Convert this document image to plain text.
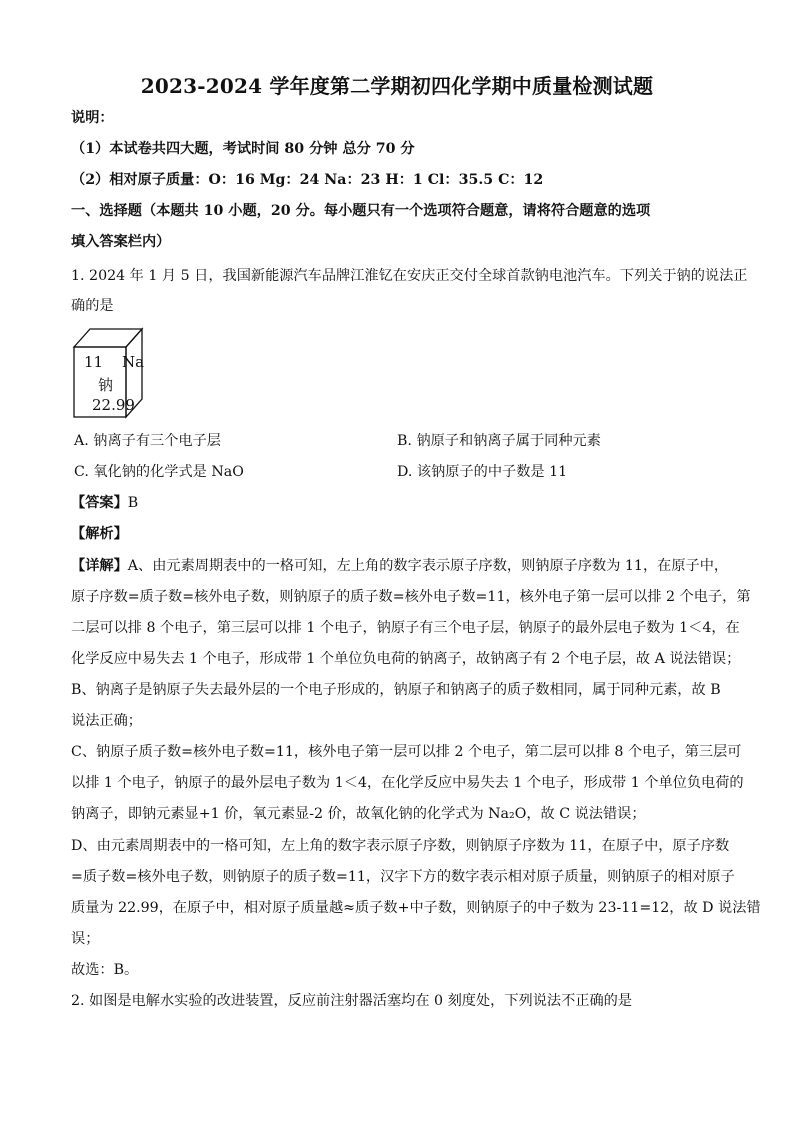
2023-2024 学年度第二学期初四化学期中质量检测试题
说明：
（1）本试卷共四大题，考试时间 80 分钟 总分 70 分
（2）相对原子质量：O：16 Mg：24 Na：23 H：1 Cl：35.5 C：12
一、选择题（本题共 10 小题，20 分。每小题只有一个选项符合题意，请将符合题意的选项
填入答案栏内）
1. 2024 年 1 月 5 日，我国新能源汽车品牌江淮钇在安庆正交付全球首款钠电池汽车。下列关于钠的说法正
确的是
11 Na
钠
22.99
A. 钠离子有三个电子层	B. 钠原子和钠离子属于同种元素
C. 氧化钠的化学式是 NaO	D. 该钠原子的中子数是 11
【答案】B
【解析】
【详解】A、由元素周期表中的一格可知，左上角的数字表示原子序数，则钠原子序数为 11，在原子中，
原子序数=质子数=核外电子数，则钠原子的质子数=核外电子数=11，核外电子第一层可以排 2 个电子，第
二层可以排 8 个电子，第三层可以排 1 个电子，钠原子有三个电子层，钠原子的最外层电子数为 1＜4，在
化学反应中易失去 1 个电子，形成带 1 个单位负电荷的钠离子，故钠离子有 2 个电子层，故 A 说法错误；
B、钠离子是钠原子失去最外层的一个电子形成的，钠原子和钠离子的质子数相同，属于同种元素，故 B
说法正确；
C、钠原子质子数=核外电子数=11，核外电子第一层可以排 2 个电子，第二层可以排 8 个电子，第三层可
以排 1 个电子，钠原子的最外层电子数为 1＜4，在化学反应中易失去 1 个电子，形成带 1 个单位负电荷的
钠离子，即钠元素显+1 价，氧元素显-2 价，故氧化钠的化学式为 Na₂O，故 C 说法错误；
D、由元素周期表中的一格可知，左上角的数字表示原子序数，则钠原子序数为 11，在原子中，原子序数
=质子数=核外电子数，则钠原子的质子数=11，汉字下方的数字表示相对原子质量，则钠原子的相对原子
质量为 22.99，在原子中，相对原子质量越≈质子数+中子数，则钠原子的中子数为 23-11=12，故 D 说法错
误；
故选：B。
2. 如图是电解水实验的改进装置，反应前注射器活塞均在 0 刻度处，下列说法不正确的是
